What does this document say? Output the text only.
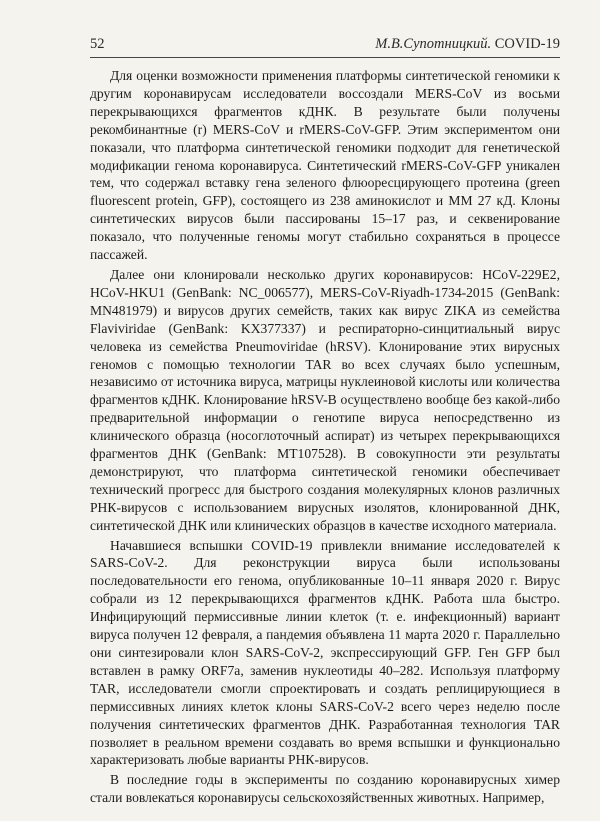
52	М.В.Супотницкий. COVID-19

Для оценки возможности применения платформы синтетической геномики к другим коронавирусам исследователи воссоздали MERS-CoV из восьми перекрывающихся фрагментов кДНК. В результате были получены рекомбинантные (r) MERS-CoV и rMERS-CoV-GFP. Этим экспериментом они показали, что платформа синтетической геномики подходит для генетической модификации генома коронавируса. Синтетический rMERS-CoV-GFP уникален тем, что содержал вставку гена зеленого флюоресцирующего протеина (green fluorescent protein, GFP), состоящего из 238 аминокислот и ММ 27 кД. Клоны синтетических вирусов были пассированы 15–17 раз, и секвенирование показало, что полученные геномы могут стабильно сохраняться в процессе пассажей.

Далее они клонировали несколько других коронавирусов: HCoV-229E2, HCoV-HKU1 (GenBank: NC_006577), MERS-CoV-Riyadh-1734-2015 (GenBank: MN481979) и вирусов других семейств, таких как вирус ZIKA из семейства Flaviviridae (GenBank: KX377337) и респираторно-синцитиальный вирус человека из семейства Pneumoviridae (hRSV). Клонирование этих вирусных геномов с помощью технологии TAR во всех случаях было успешным, независимо от источника вируса, матрицы нуклеиновой кислоты или количества фрагментов кДНК. Клонирование hRSV-B осуществлено вообще без какой-либо предварительной информации о генотипе вируса непосредственно из клинического образца (носоглоточный аспират) из четырех перекрывающихся фрагментов ДНК (GenBank: MT107528). В совокупности эти результаты демонстрируют, что платформа синтетической геномики обеспечивает технический прогресс для быстрого создания молекулярных клонов различных РНК-вирусов с использованием вирусных изолятов, клонированной ДНК, синтетической ДНК или клинических образцов в качестве исходного материала.

Начавшиеся вспышки COVID-19 привлекли внимание исследователей к SARS-CoV-2. Для реконструкции вируса были использованы последовательности его генома, опубликованные 10–11 января 2020 г. Вирус собрали из 12 перекрывающихся фрагментов кДНК. Работа шла быстро. Инфицирующий пермиссивные линии клеток (т. е. инфекционный) вариант вируса получен 12 февраля, а пандемия объявлена 11 марта 2020 г. Параллельно они синтезировали клон SARS-CoV-2, экспрессирующий GFP. Ген GFP был вставлен в рамку ORF7a, заменив нуклеотиды 40–282. Используя платформу TAR, исследователи смогли спроектировать и создать реплицирующиеся в пермиссивных линиях клеток клоны SARS-CoV-2 всего через неделю после получения синтетических фрагментов ДНК. Разработанная технология TAR позволяет в реальном времени создавать во время вспышки и функционально характеризовать любые варианты РНК-вирусов.

В последние годы в эксперименты по созданию коронавирусных химер стали вовлекаться коронавирусы сельскохозяйственных животных. Например,
